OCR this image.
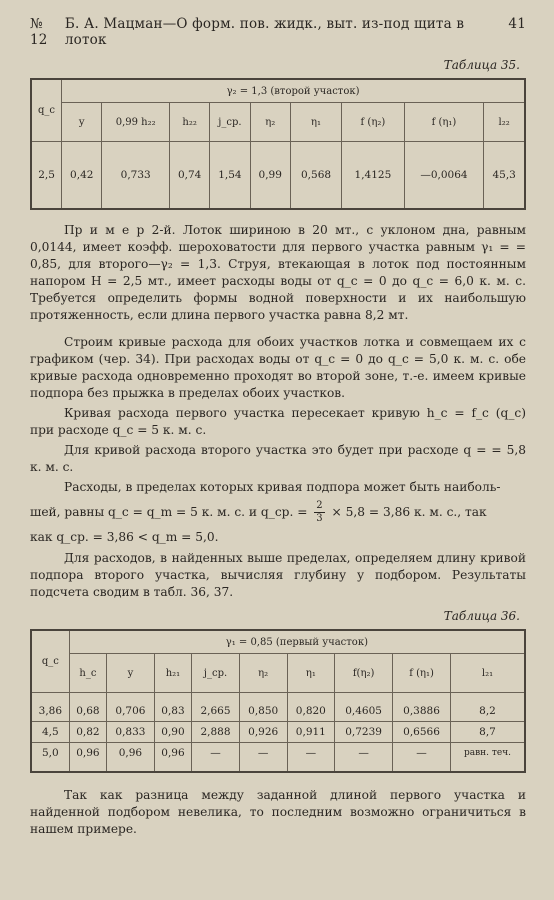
№ 12
Б. А. Мацман—О форм. пов. жидк., выт. из-под щита в лоток
41
Таблица 35.
q_c	γ₂ = 1,3 (второй участок)								
	y	0,99 h₂₂	h₂₂	j_ср.	η₂	η₁	f (η₂)	f (η₁)	l₂₂
2,5	0,42	0,733	0,74	1,54	0,99	0,568	1,4125	—0,0064	45,3

Пр и м е р 2-й. Лоток шириною в 20 мт., с уклоном дна, равным 0,0144, имеет коэфф. шероховатости для первого участка равным γ₁ = = 0,85, для второго—γ₂ = 1,3. Струя, втекающая в лоток под постоянным напором H = 2,5 мт., имеет расходы воды от q_c = 0 до q_c = 6,0 к. м. с. Требуется определить формы водной поверхности и их наибольшую протяженность, если длина первого участка равна 8,2 мт.

Строим кривые расхода для обоих участков лотка и совмещаем их с графиком (чер. 34). При расходах воды от q_c = 0 до q_c = 5,0 к. м. с. обе кривые расхода одновременно проходят во второй зоне, т.-е. имеем кривые подпора без прыжка в пределах обоих участков.

Кривая расхода первого участка пересекает кривую h_c = f_c (q_c) при расходе q_c = 5 к. м. с.

Для кривой расхода второго участка это будет при расходе q = = 5,8 к. м. с.

Расходы, в пределах которых кривая подпора может быть наиболь-

шей, равны q_c = q_m = 5 к. м. с. и q_ср. = $\frac{2}{3} \times 5,8 = 3,86$ к. м. с., так

как q_ср. = 3,86 < q_m = 5,0.

Для расходов, в найденных выше пределах, определяем длину кривой подпора второго участка, вычисляя глубину у подбором. Результаты подсчета сводим в табл. 36, 37.

Таблица 36.
q_c	γ₁ = 0,85 (первый участок)								
	h_c	y	h₂₁	j_ср.	η₂	η₁	f(η₂)	f (η₁)	l₂₁
3,86	0,68	0,706	0,83	2,665	0,850	0,820	0,4605	0,3886	8,2
4,5	0,82	0,833	0,90	2,888	0,926	0,911	0,7239	0,6566	8,7
5,0	0,96	0,96	0,96	—	—	—	—	—	равн. теч.

Так как разница между заданной длиной первого участка и найденной подбором невелика, то последним возможно ограничиться в нашем примере.
